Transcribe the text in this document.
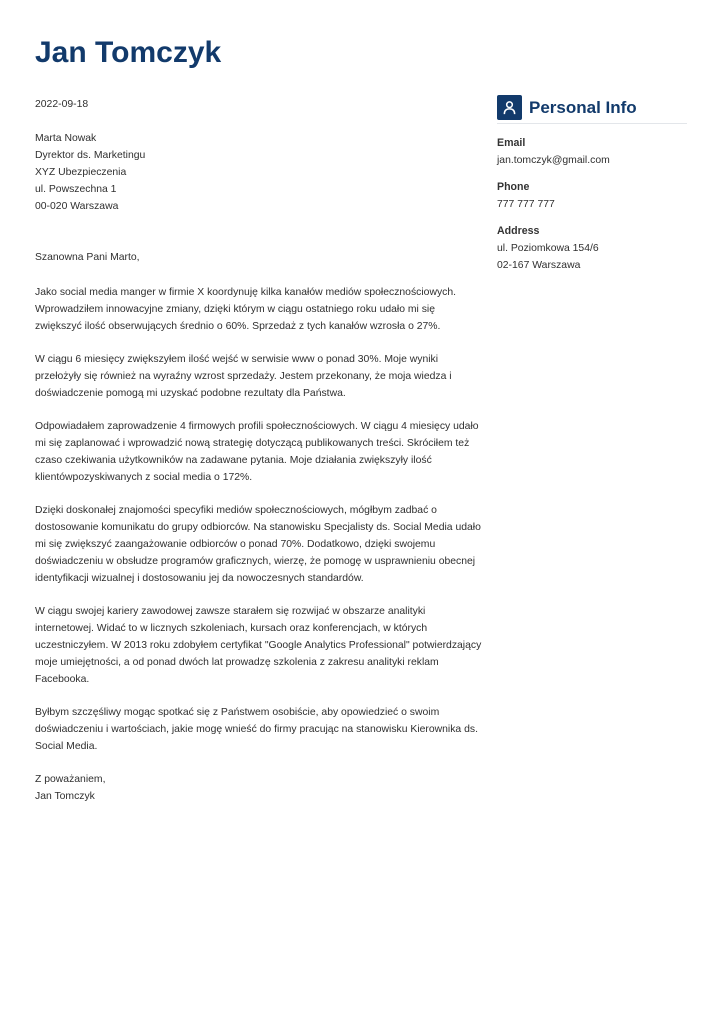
Jan Tomczyk

2022-09-18

Marta Nowak
Dyrektor ds. Marketingu
XYZ Ubezpieczenia
ul. Powszechna 1
00-020 Warszawa

Szanowna Pani Marto,

Jako social media manger w firmie X koordynuję kilka kanałów mediów społecznościowych. Wprowadziłem innowacyjne zmiany, dzięki którym w ciągu ostatniego roku udało mi się zwiększyć ilość obserwujących średnio o 60%. Sprzedaż z tych kanałów wzrosła o 27%.

W ciągu 6 miesięcy zwiększyłem ilość wejść w serwisie www o ponad 30%. Moje wyniki przełożyły się również na wyraźny wzrost sprzedaży. Jestem przekonany, że moja wiedza i doświadczenie pomogą mi uzyskać podobne rezultaty dla Państwa.

Odpowiadałem zaprowadzenie 4 firmowych profili społecznościowych. W ciągu 4 miesięcy udało mi się zaplanować i wprowadzić nową strategię dotyczącą publikowanych treści. Skróciłem też czaso czekiwania użytkowników na zadawane pytania. Moje działania zwiększyły ilość klientówpozyskiwanych z social media o 172%.

Dzięki doskonałej znajomości specyfiki mediów społecznościowych, mógłbym zadbać o dostosowanie komunikatu do grupy odbiorców. Na stanowisku Specjalisty ds. Social Media udało mi się zwiększyć zaangażowanie odbiorców o ponad 70%. Dodatkowo, dzięki swojemu doświadczeniu w obsłudze programów graficznych, wierzę, że pomogę w usprawnieniu obecnej identyfikacji wizualnej i dostosowaniu jej da nowoczesnych standardów.

W ciągu swojej kariery zawodowej zawsze starałem się rozwijać w obszarze analityki internetowej. Widać to w licznych szkoleniach, kursach oraz konferencjach, w których uczestniczyłem. W 2013 roku zdobyłem certyfikat "Google Analytics Professional" potwierdzający moje umiejętności, a od ponad dwóch lat prowadzę szkolenia z zakresu analityki reklam Facebooka.

Byłbym szczęśliwy mogąc spotkać się z Państwem osobiście, aby opowiedzieć o swoim doświadczeniu i wartościach, jakie mogę wnieść do firmy pracując na stanowisku Kierownika ds. Social Media.

Z poważaniem,
Jan Tomczyk
Personal Info
Email
jan.tomczyk@gmail.com
Phone
777 777 777
Address
ul. Poziomkowa 154/6
02-167 Warszawa
